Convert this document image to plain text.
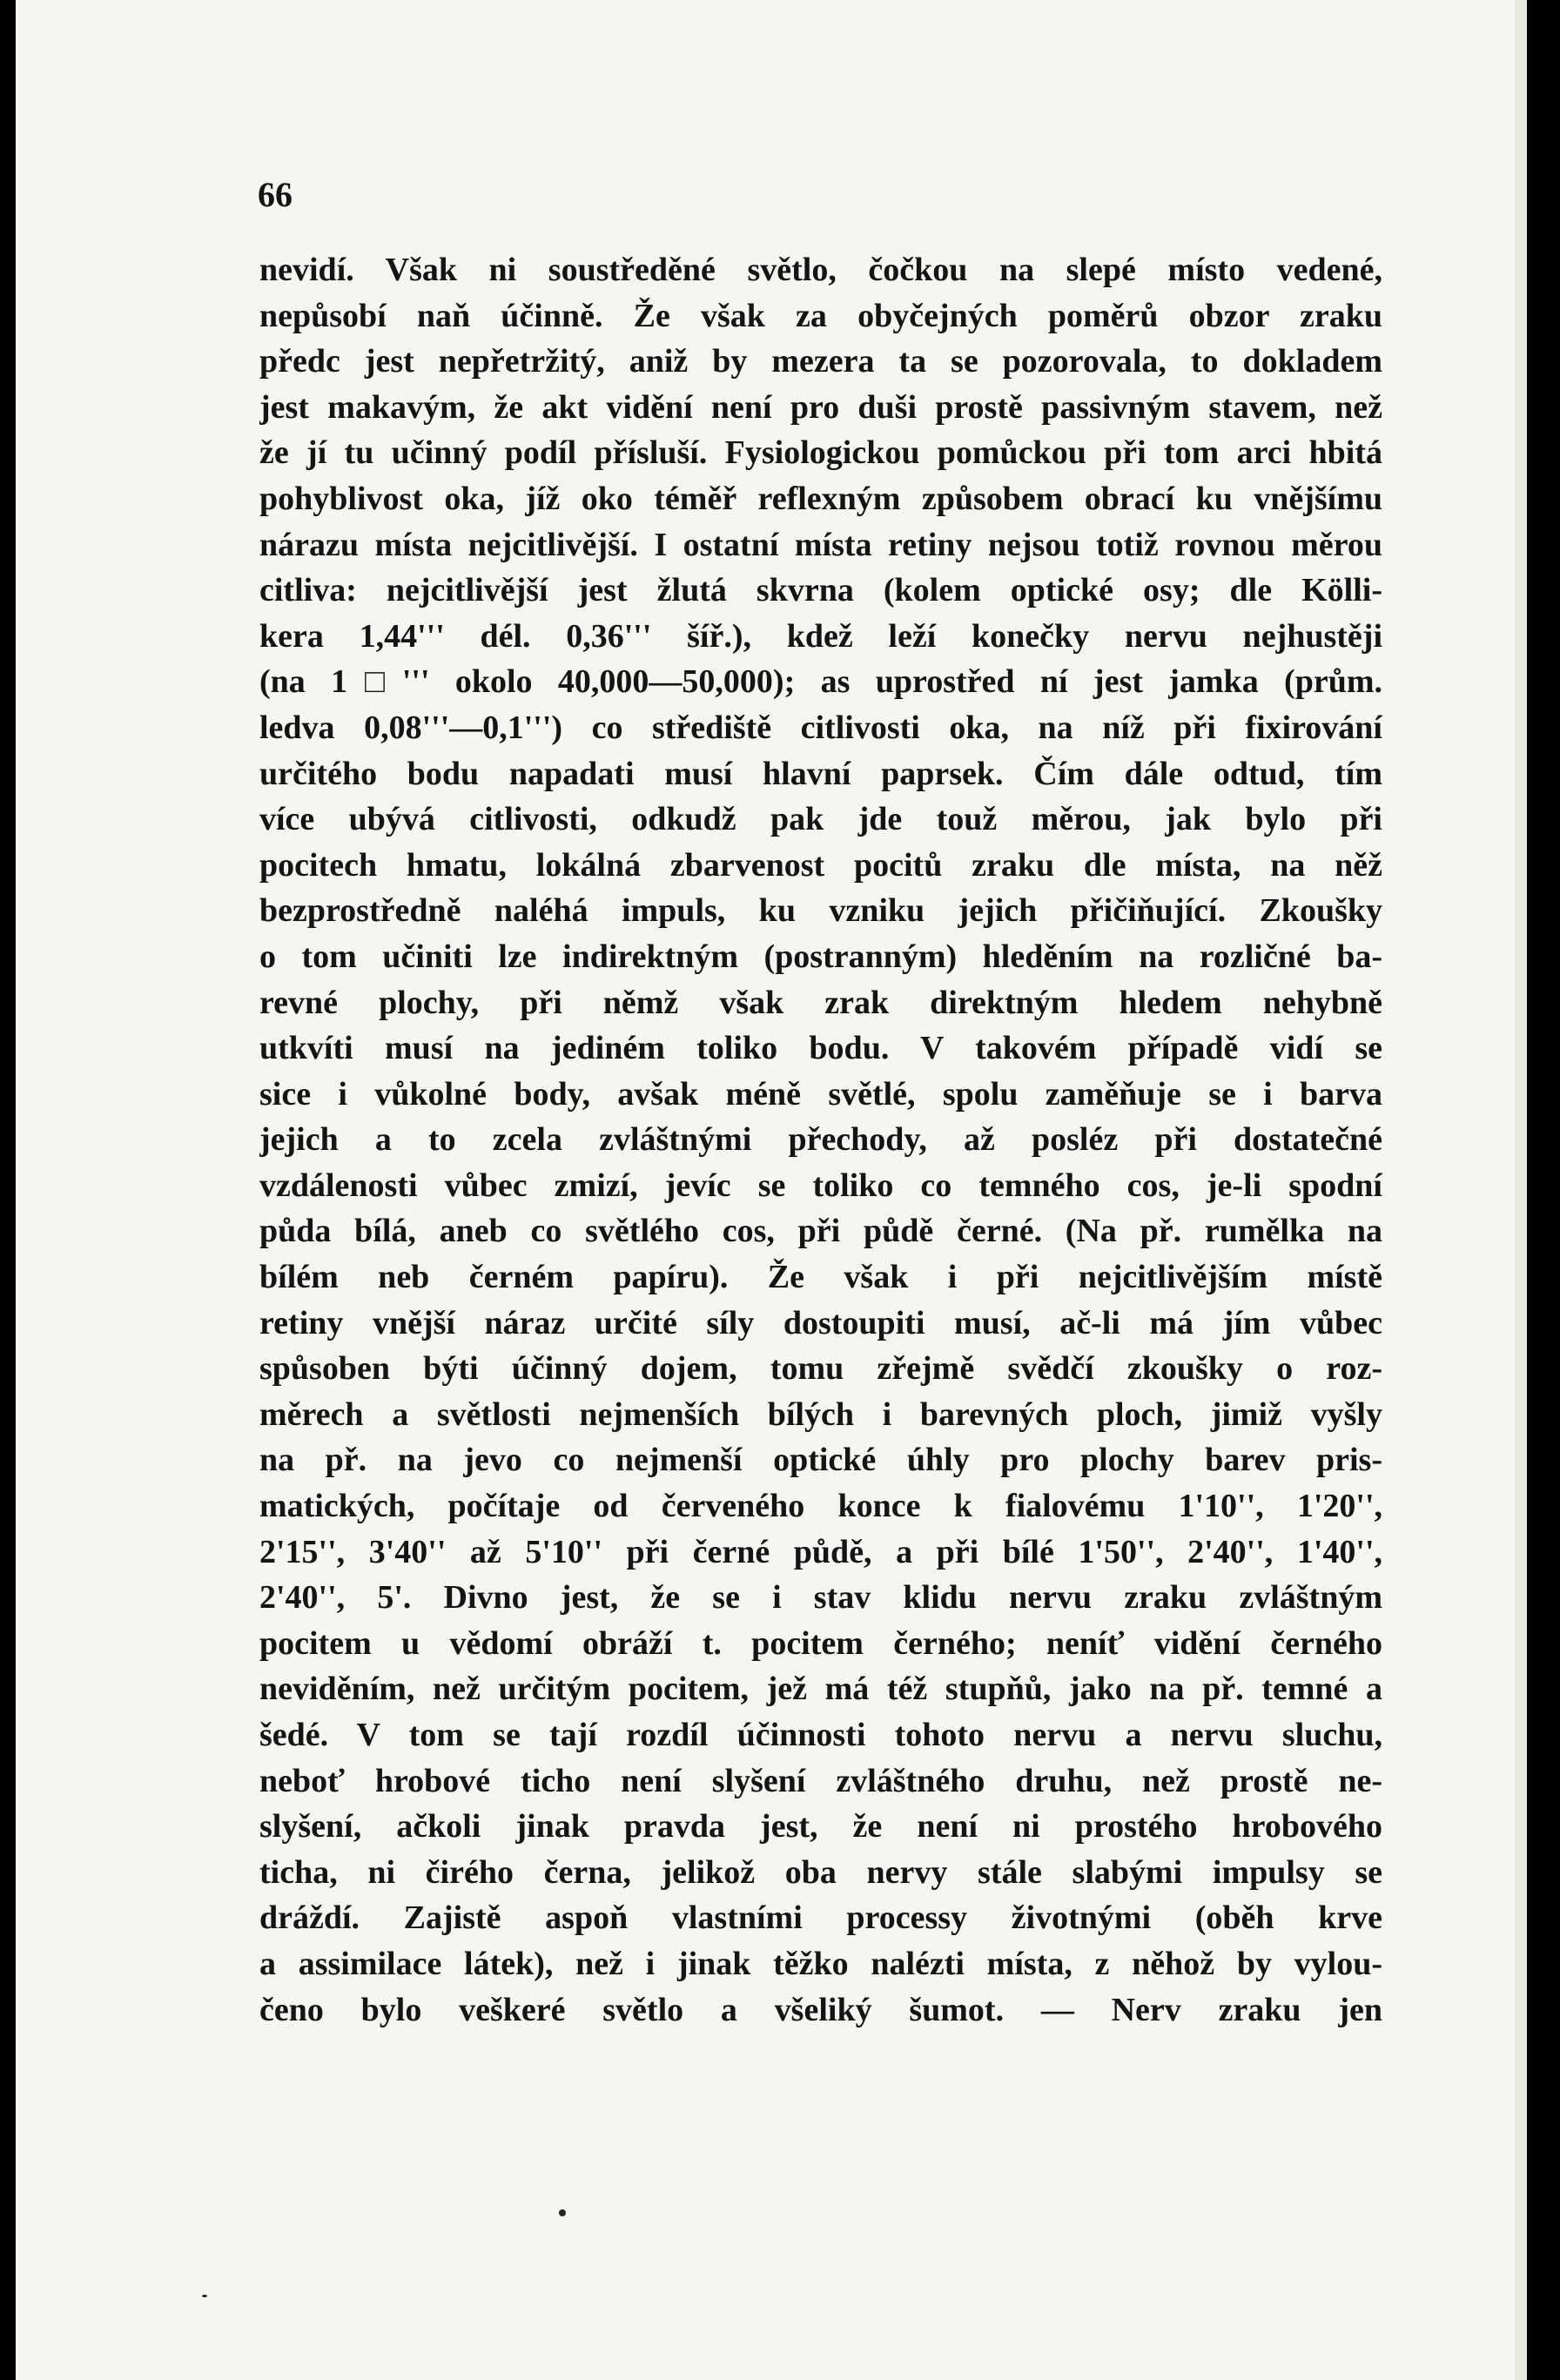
66
nevidí. Však ni soustředěné světlo, čočkou na slepé místo vedené,
nepůsobí naň účinně. Že však za obyčejných poměrů obzor zraku
předc jest nepřetržitý, aniž by mezera ta se pozorovala, to dokladem
jest makavým, že akt vidění není pro duši prostě passivným stavem, než
že jí tu učinný podíl přísluší. Fysiologickou pomůckou při tom arci hbitá
pohyblivost oka, jíž oko téměř reflexným způsobem obrací ku vnějšímu
nárazu místa nejcitlivější. I ostatní místa retiny nejsou totiž rovnou měrou
citliva: nejcitlivější jest žlutá skvrna (kolem optické osy; dle Kölli-
kera 1,44''' dél. 0,36''' šíř.), kdež leží konečky nervu nejhustěji
(na 1□''' okolo 40,000—50,000); as uprostřed ní jest jamka (prům.
ledva 0,08'''—0,1''') co střediště citlivosti oka, na níž při fixirování
určitého bodu napadati musí hlavní paprsek. Čím dále odtud, tím
více ubývá citlivosti, odkudž pak jde touž měrou, jak bylo při
pocitech hmatu, lokálná zbarvenost pocitů zraku dle místa, na něž
bezprostředně naléhá impuls, ku vzniku jejich přičiňující. Zkoušky
o tom učiniti lze indirektným (postranným) hleděním na rozličné ba-
revné plochy, při němž však zrak direktným hledem nehybně
utkvíti musí na jediném toliko bodu. V takovém případě vidí se
sice i vůkolné body, avšak méně světlé, spolu zaměňuje se i barva
jejich a to zcela zvláštnými přechody, až posléz při dostatečné
vzdálenosti vůbec zmizí, jevíc se toliko co temného cos, je-li spodní
půda bílá, aneb co světlého cos, při půdě černé. (Na př. rumělka na
bílém neb černém papíru). Že však i při nejcitlivějším místě
retiny vnější náraz určité síly dostoupiti musí, ač-li má jím vůbec
spůsoben býti účinný dojem, tomu zřejmě svědčí zkoušky o roz-
měrech a světlosti nejmenších bílých i barevných ploch, jimiž vyšly
na př. na jevo co nejmenší optické úhly pro plochy barev pris-
matických, počítaje od červeného konce k fialovému 1'10'', 1'20'',
2'15'', 3'40'' až 5'10'' při černé půdě, a při bílé 1'50'', 2'40'', 1'40'',
2'40'', 5'. Divno jest, že se i stav klidu nervu zraku zvláštným
pocitem u vědomí obráží t. pocitem černého; neníť vidění černého
neviděním, než určitým pocitem, jež má též stupňů, jako na př. temné a
šedé. V tom se tají rozdíl účinnosti tohoto nervu a nervu sluchu,
neboť hrobové ticho není slyšení zvláštného druhu, než prostě ne-
slyšení, ačkoli jinak pravda jest, že není ni prostého hrobového
ticha, ni čirého černa, jelikož oba nervy stále slabými impulsy se
dráždí. Zajistě aspoň vlastními processy životnými (oběh krve
a assimilace látek), než i jinak těžko nalézti místa, z něhož by vylou-
čeno bylo veškeré světlo a všeliký šumot. — Nerv zraku jen
